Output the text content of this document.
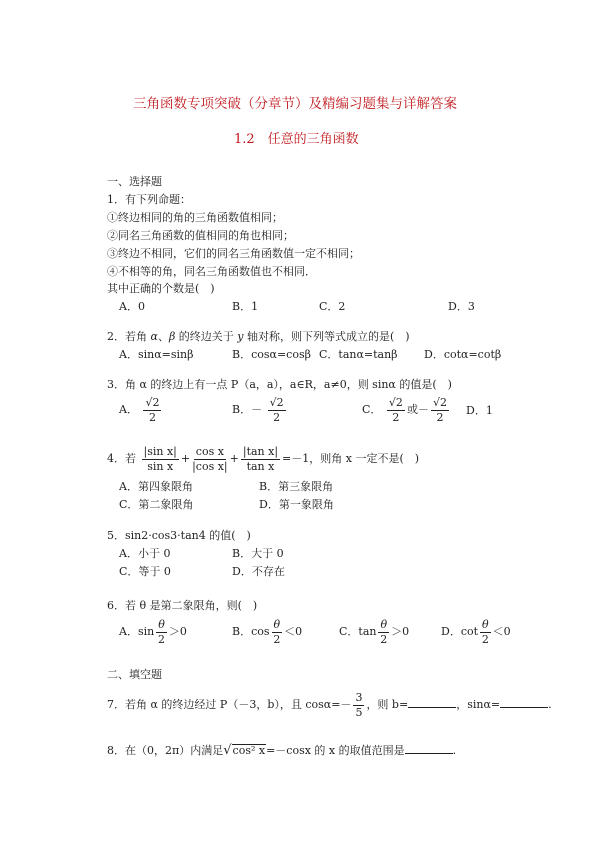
三角函数专项突破（分章节）及精编习题集与详解答案
1.2　任意的三角函数
一、选择题
1．有下列命题：
①终边相同的角的三角函数值相同；
②同名三角函数的值相同的角也相同；
③终边不相同，它们的同名三角函数值一定不相同；
④不相等的角，同名三角函数值也不相同．
其中正确的个数是(　)
A．0	B．1	C．2	D．3
2．若角 α、β 的终边关于 y 轴对称，则下列等式成立的是(　)
A．sinα=sinβ	B．cosα=cosβ C．tanα=tanβ D．cotα=cotβ
3．角 α 的终边上有一点 P（a，a），a∈R，a≠0，则 sinα 的值是(　)
A． $\frac{√2}{2}$	B．－ $\frac{√2}{2}$	C． $\frac{√2}{2}$ 或－ $\frac{√2}{2}$ D．1
4．若 $\frac{\text{|sin x|}}{\text{sin x}} + \frac{\text{cos x}}{\text{|cos x|}} + \frac{\text{|tan x|}}{\text{tan x}} =-1$，则角 x 一定不是(　)
A．第四象限角	B．第三象限角
C．第二象限角	D．第一象限角
5．sin2·cos3·tan4 的值(　)
A．小于 0	B．大于 0
C．等于 0	D．不存在
6．若 θ 是第二象限角，则(　)
A．$\sin \frac{\theta}{2} >0$	B．$\cos \frac{\theta}{2} <0$	C．$\tan \frac{\theta}{2} >0$	D．$\cot \frac{\theta}{2} <0$
二、填空题
7．若角 α 的终边经过 P（－3，b），且 $\cos\alpha=- \frac{3}{5}$ ，则 b=	，sinα=	.
8．在（0，2π）内满足√cos² x=－cosx 的 x 的取值范围是	.
